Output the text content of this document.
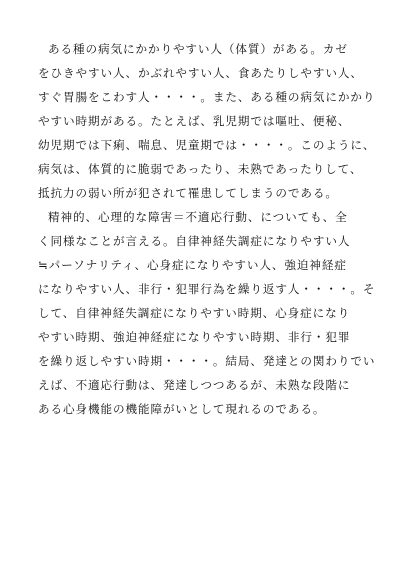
ある種の病気にかかりやすい人（体質）がある。カゼ
をひきやすい人、かぶれやすい人、食あたりしやすい人、
すぐ胃腸をこわす人・・・・。また、ある種の病気にかかり
やすい時期がある。たとえば、乳児期では嘔吐、便秘、
幼児期では下痢、喘息、児童期では・・・・。このように、
病気は、体質的に脆弱であったり、未熟であったりして、
抵抗力の弱い所が犯されて罹患してしまうのである。

精神的、心理的な障害＝不適応行動、についても、全
く同様なことが言える。自律神経失調症になりやすい人
≒パーソナリティ、心身症になりやすい人、強迫神経症
になりやすい人、非行・犯罪行為を繰り返す人・・・・。そ
して、自律神経失調症になりやすい時期、心身症になり
やすい時期、強迫神経症になりやすい時期、非行・犯罪
を繰り返しやすい時期・・・・。結局、発達との関わりでい
えば、不適応行動は、発達しつつあるが、未熟な段階に
ある心身機能の機能障がいとして現れるのである。
